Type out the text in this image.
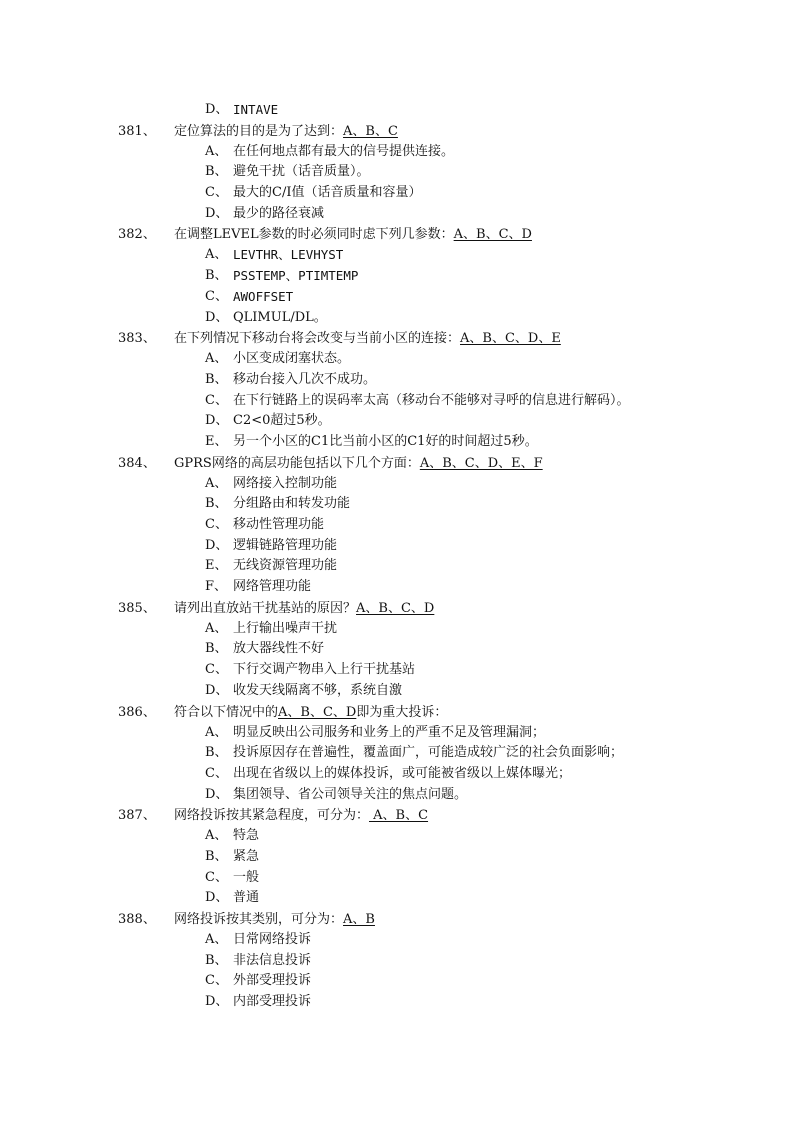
D、 INTAVE
381、 定位算法的目的是为了达到：A、B、C
A、 在任何地点都有最大的信号提供连接。
B、 避免干扰（话音质量）。
C、 最大的C/I值（话音质量和容量）
D、 最少的路径衰减
382、 在调整LEVEL参数的时必须同时虑下列几参数：A、B、C、D
A、 LEVTHR、LEVHYST
B、 PSSTEMP、PTIMTEMP
C、 AWOFFSET
D、 QLIMUL/DL。
383、 在下列情况下移动台将会改变与当前小区的连接：A、B、C、D、E
A、 小区变成闭塞状态。
B、 移动台接入几次不成功。
C、 在下行链路上的误码率太高（移动台不能够对寻呼的信息进行解码）。
D、 C2<0超过5秒。
E、 另一个小区的C1比当前小区的C1好的时间超过5秒。
384、 GPRS网络的高层功能包括以下几个方面：A、B、C、D、E、F
A、 网络接入控制功能
B、 分组路由和转发功能
C、 移动性管理功能
D、 逻辑链路管理功能
E、 无线资源管理功能
F、 网络管理功能
385、 请列出直放站干扰基站的原因？A、B、C、D
A、 上行输出噪声干扰
B、 放大器线性不好
C、 下行交调产物串入上行干扰基站
D、 收发天线隔离不够，系统自激
386、 符合以下情况中的A、B、C、D即为重大投诉：
A、 明显反映出公司服务和业务上的严重不足及管理漏洞；
B、 投诉原因存在普遍性，覆盖面广，可能造成较广泛的社会负面影响；
C、 出现在省级以上的媒体投诉，或可能被省级以上媒体曝光；
D、 集团领导、省公司领导关注的焦点问题。
387、 网络投诉按其紧急程度，可分为： A、B、C
A、 特急
B、 紧急
C、 一般
D、 普通
388、 网络投诉按其类别，可分为：A、B
A、 日常网络投诉
B、 非法信息投诉
C、 外部受理投诉
D、 内部受理投诉
